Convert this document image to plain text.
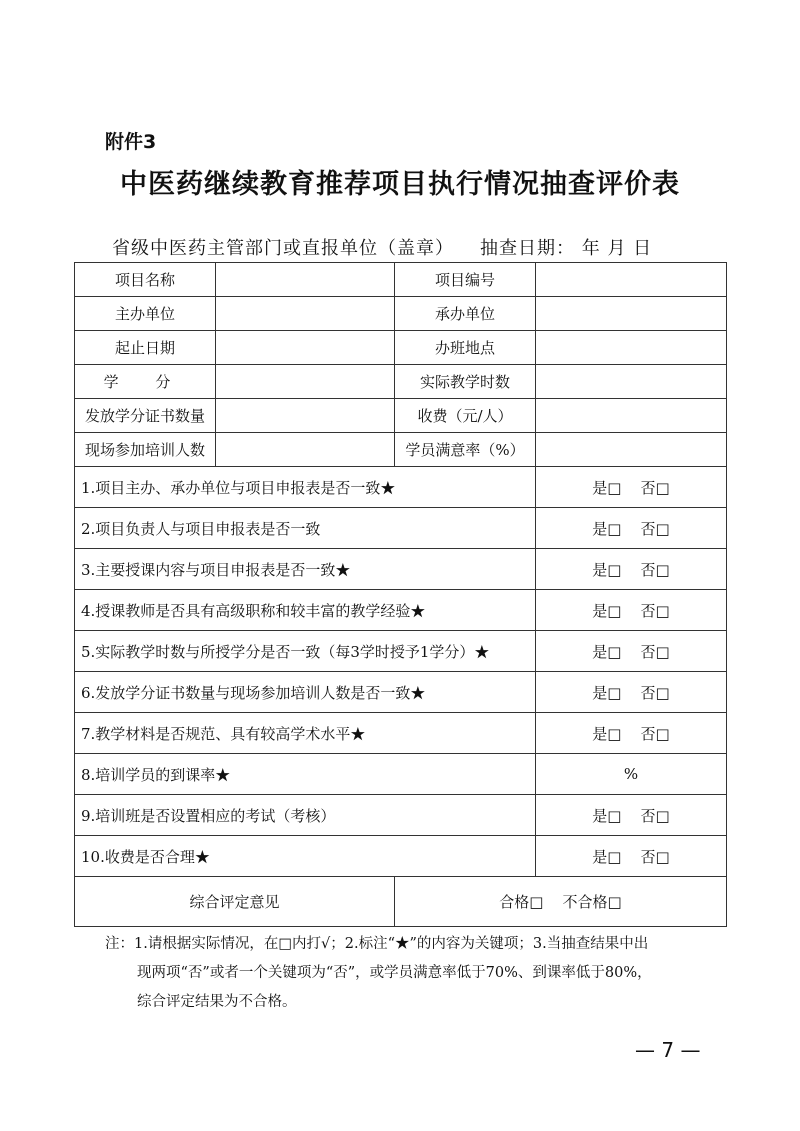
附件3
中医药继续教育推荐项目执行情况抽查评价表
省级中医药主管部门或直报单位（盖章） 抽查日期： 年 月 日
项目名称		项目编号	
主办单位		承办单位	
起止日期		办班地点	
学 分		实际教学时数	
发放学分证书数量		收费（元/人）	
现场参加培训人数		学员满意率（%）	
1.项目主办、承办单位与项目申报表是否一致★			是□    否□
2.项目负责人与项目申报表是否一致			是□    否□
3.主要授课内容与项目申报表是否一致★			是□    否□
4.授课教师是否具有高级职称和较丰富的教学经验★			是□    否□
5.实际教学时数与所授学分是否一致（每3学时授予1学分）★			是□    否□
6.发放学分证书数量与现场参加培训人数是否一致★			是□    否□
7.教学材料是否规范、具有较高学术水平★			是□    否□
8.培训学员的到课率★			%
9.培训班是否设置相应的考试（考核）			是□    否□
10.收费是否合理★			是□    否□
综合评定意见		合格□    不合格□	
注：1.请根据实际情况，在□内打√；2.标注“★”的内容为关键项；3.当抽查结果中出
现两项“否”或者一个关键项为“否”，或学员满意率低于70%、到课率低于80%，
综合评定结果为不合格。
— 7 —
